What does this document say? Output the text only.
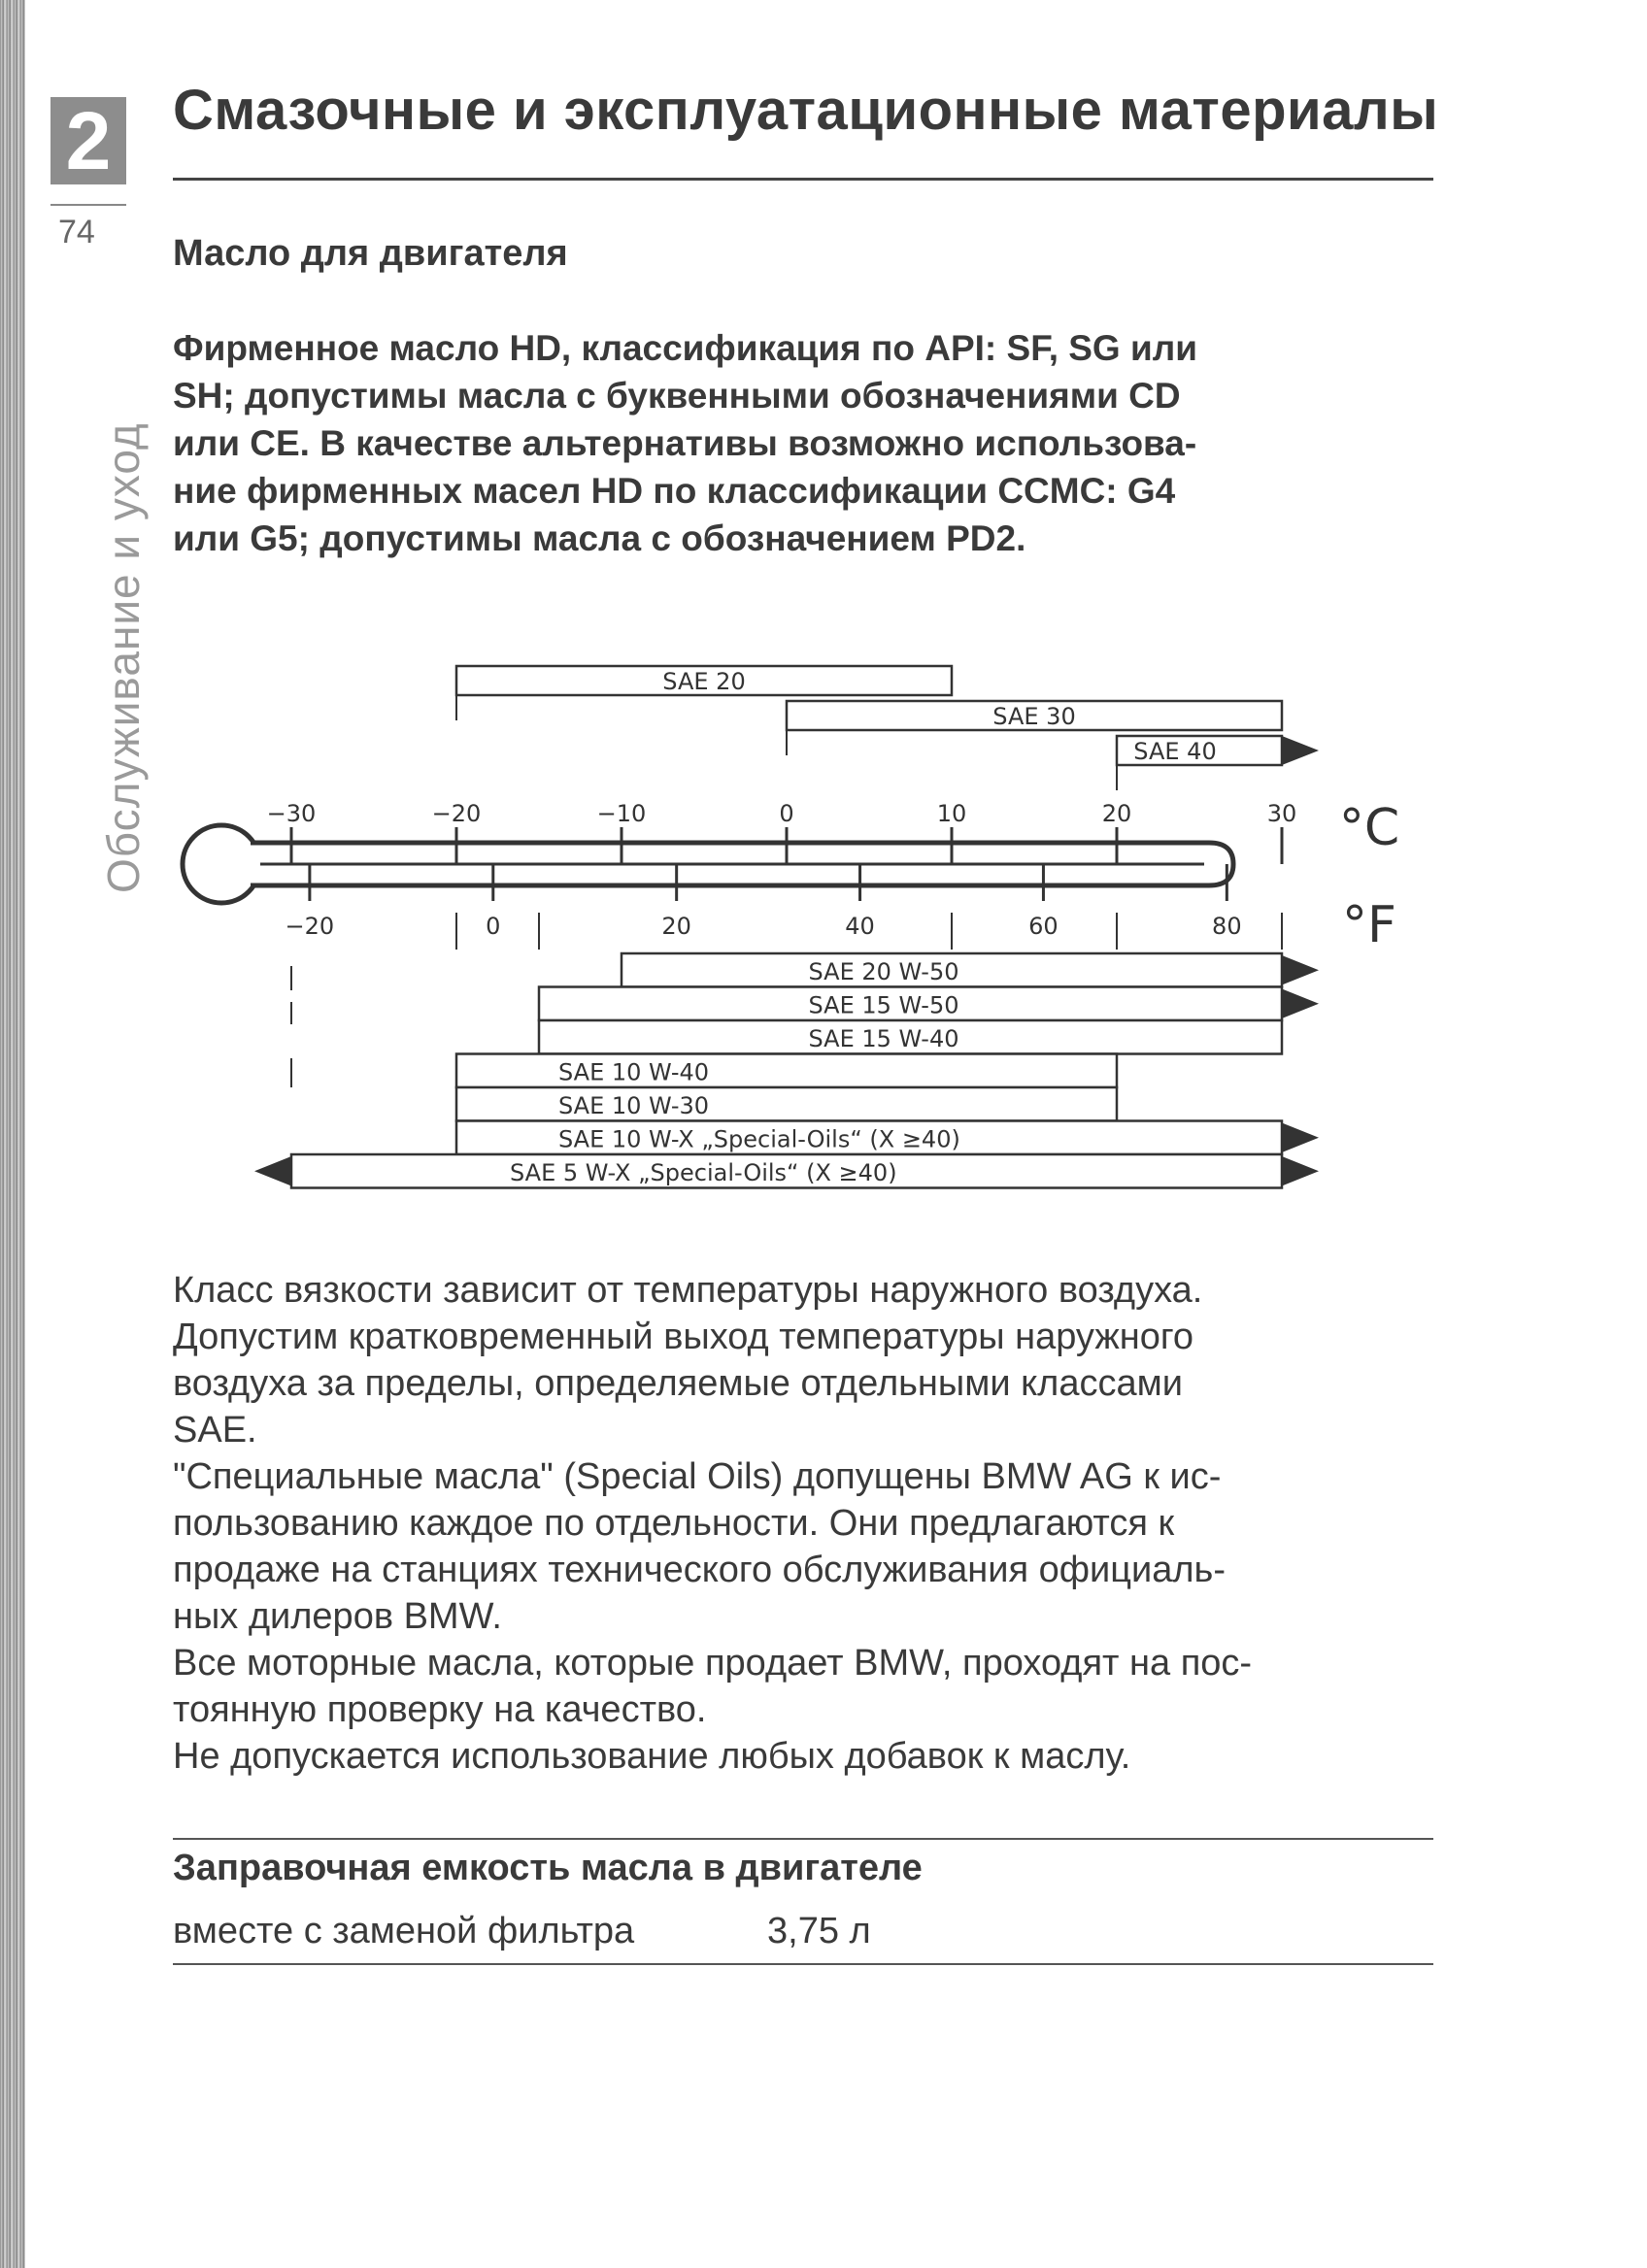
2
74
Обслуживание и уход
Смазочные и эксплуатационные материалы
Масло для двигателя

Фирменное масло HD, классификация по API: SF, SG или
SH; допустимы масла с буквенными обозначениями CD
или CE. В качестве альтернативы возможно использова-
ние фирменных масел HD по классификации CCMC: G4
или G5; допустимы масла с обозначением PD2.

SAE 20
SAE 30
SAE 40
−30	−20	−10	0	10	20	30 °C
−20	0	20	40	60	80 °F
SAE 20 W-50
SAE 15 W-50
SAE 15 W-40
SAE 10 W-40
SAE 10 W-30
SAE 10 W-X „Special-Oils“ (X ≥40)
SAE 5 W-X „Special-Oils“ (X ≥40)

Класс вязкости зависит от температуры наружного воздуха.
Допустим кратковременный выход температуры наружного
воздуха за пределы, определяемые отдельными классами
SAE.
"Специальные масла" (Special Oils) допущены BMW AG к ис-
пользованию каждое по отдельности. Они предлагаются к
продаже на станциях технического обслуживания официаль-
ных дилеров BMW.
Все моторные масла, которые продает BMW, проходят на пос-
тоянную проверку на качество.
Не допускается использование любых добавок к маслу.

Заправочная емкость масла в двигателе
вместе с заменой фильтра	3,75 л
